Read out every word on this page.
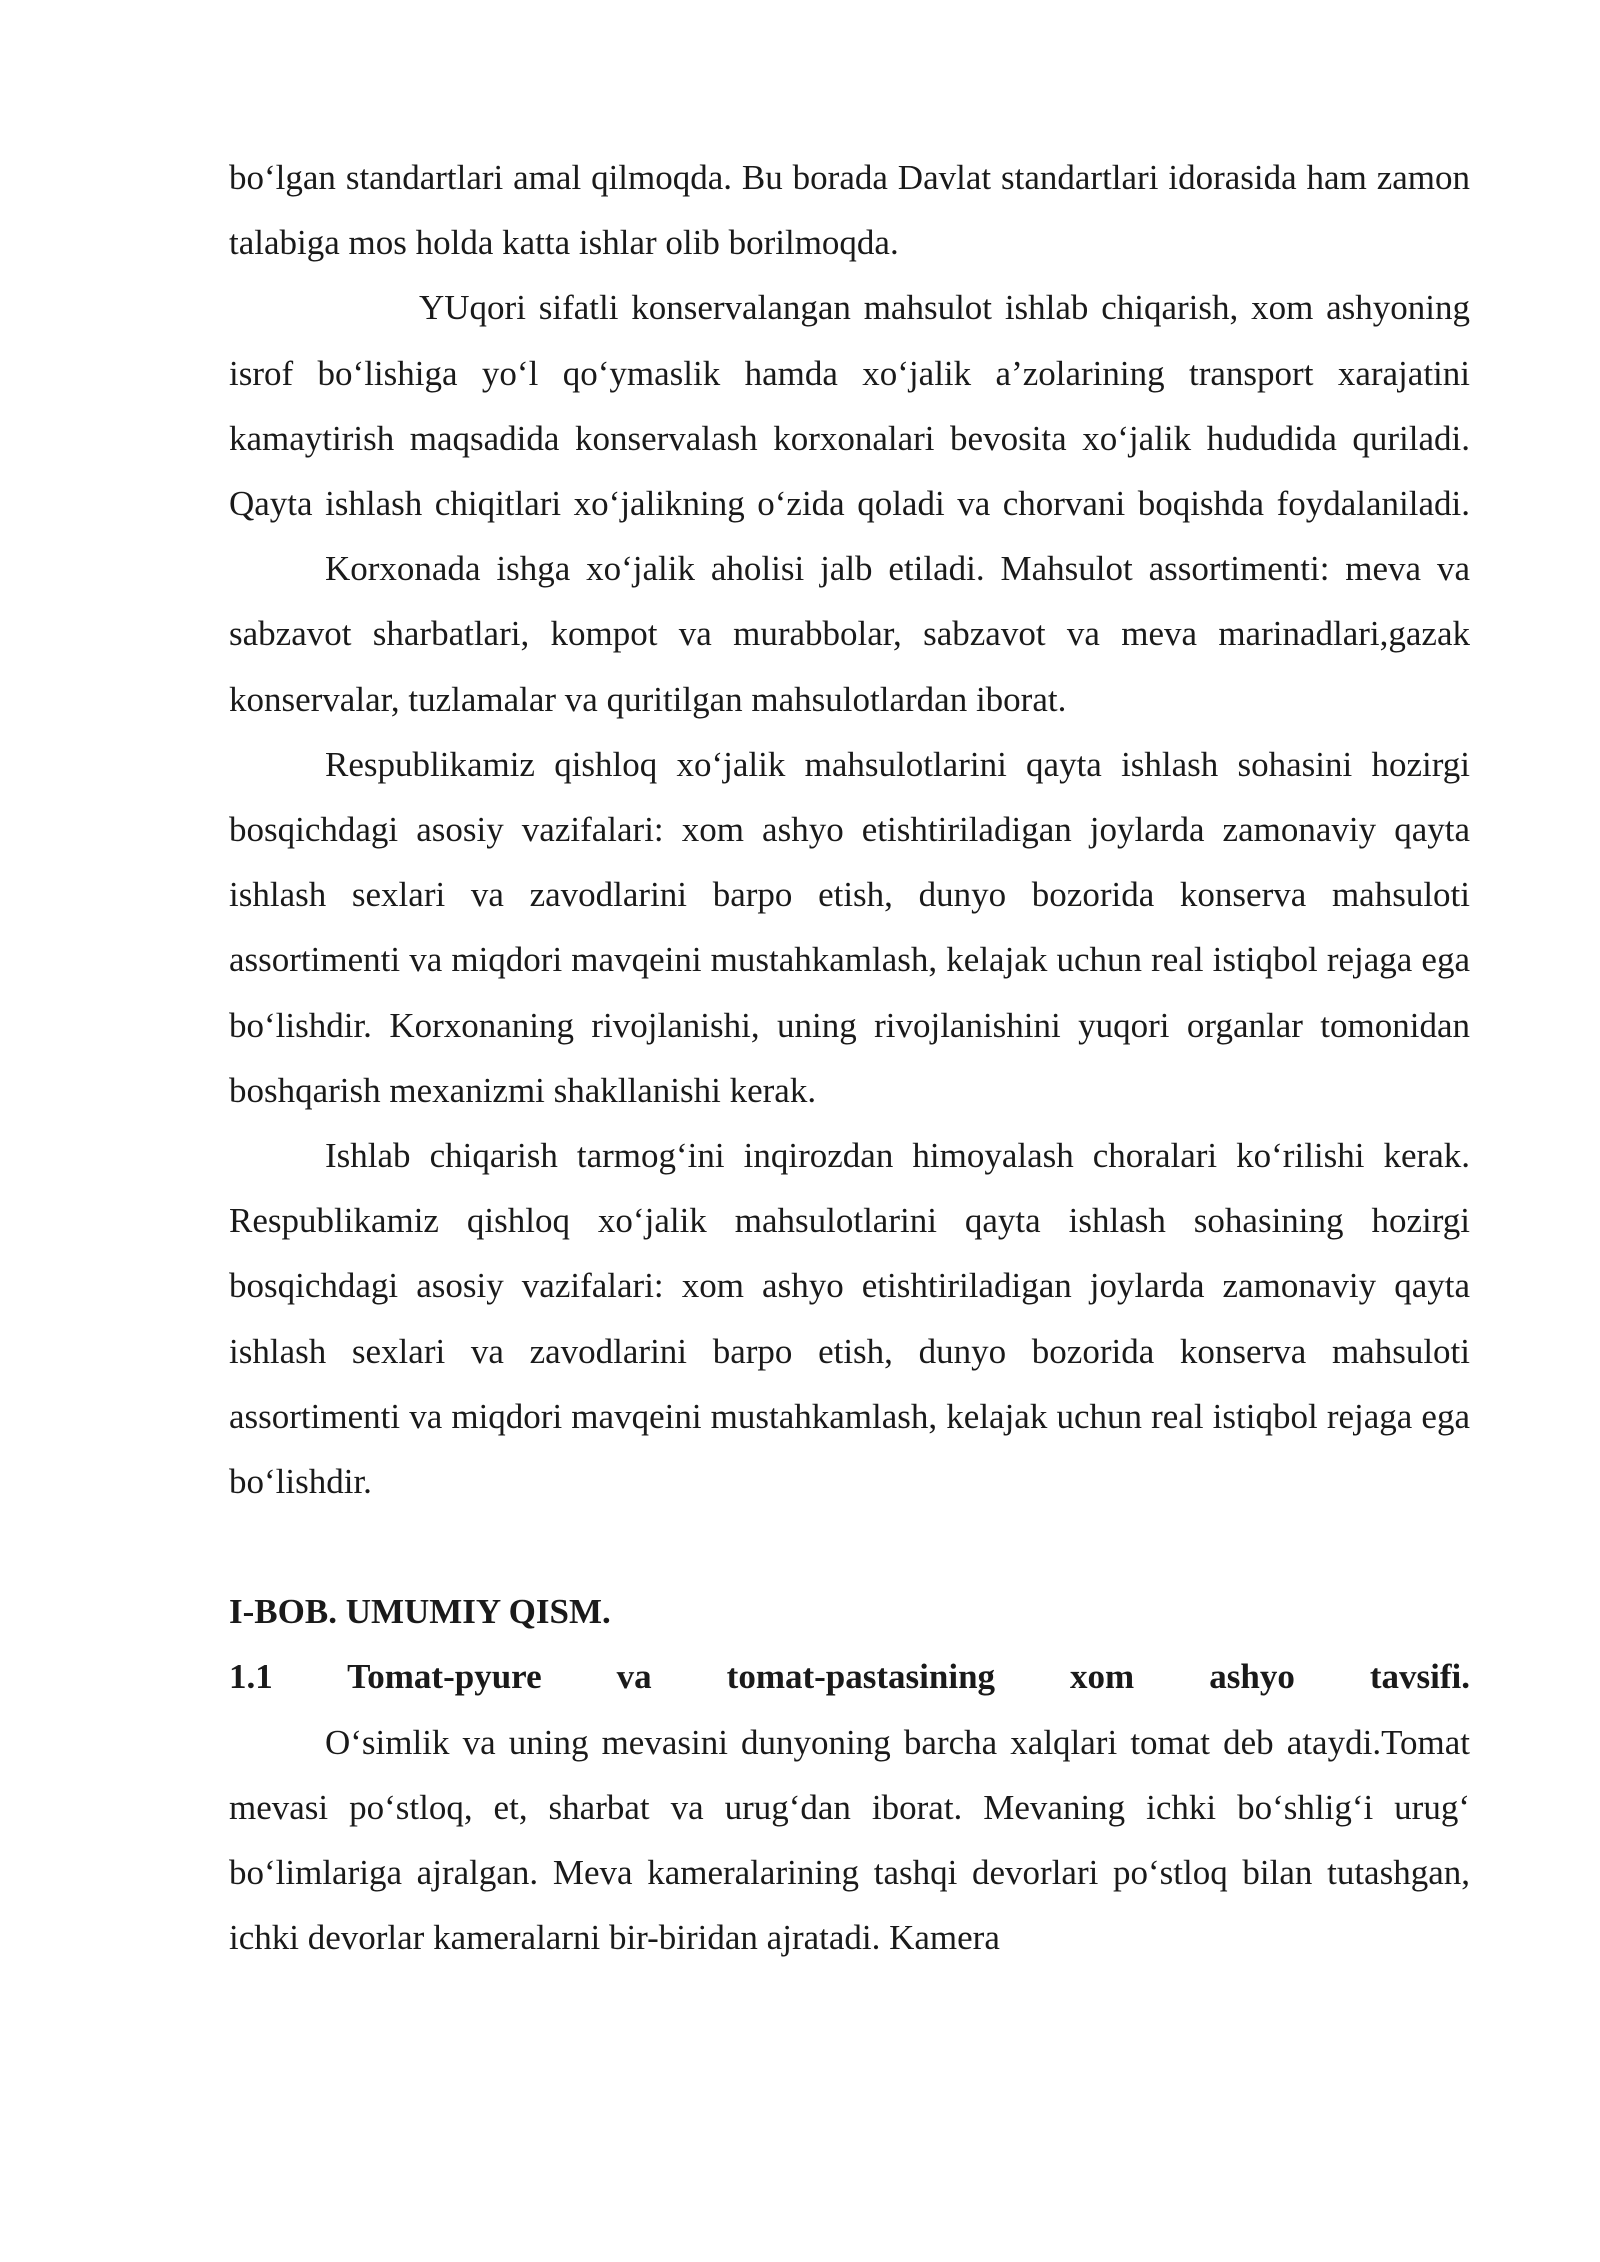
boʻlgan standartlari amal qilmoqda. Bu borada Davlat standartlari idorasida ham zamon talabiga mos holda katta ishlar olib borilmoqda.

YUqori sifatli konservalangan mahsulot ishlab chiqarish, xom ashyoning isrof boʻlishiga yoʻl qoʻymaslik hamda xoʻjalik a’zolarining transport xarajatini kamaytirish maqsadida konservalash korxonalari bevosita xoʻjalik hududida quriladi. Qayta ishlash chiqitlari xoʻjalikning oʻzida qoladi va chorvani boqishda foydalaniladi.

Korxonada ishga xoʻjalik aholisi jalb etiladi. Mahsulot assortimenti: meva va sabzavot sharbatlari, kompot va murabbolar, sabzavot va meva marinadlari,gazak konservalar, tuzlamalar va quritilgan mahsulotlardan iborat.

Respublikamiz qishloq xoʻjalik mahsulotlarini qayta ishlash sohasini hozirgi bosqichdagi asosiy vazifalari: xom ashyo etishtiriladigan joylarda zamonaviy qayta ishlash sexlari va zavodlarini barpo etish, dunyo bozorida konserva mahsuloti assortimenti va miqdori mavqeini mustahkamlash, kelajak uchun real istiqbol rejaga ega boʻlishdir. Korxonaning rivojlanishi, uning rivojlanishini yuqori organlar tomonidan boshqarish mexanizmi shakllanishi kerak.

Ishlab chiqarish tarmogʻini inqirozdan himoyalash choralari koʻrilishi kerak. Respublikamiz qishloq xoʻjalik mahsulotlarini qayta ishlash sohasining hozirgi bosqichdagi asosiy vazifalari: xom ashyo etishtiriladigan joylarda zamonaviy qayta ishlash sexlari va zavodlarini barpo etish, dunyo bozorida konserva mahsuloti assortimenti va miqdori mavqeini mustahkamlash, kelajak uchun real istiqbol rejaga ega boʻlishdir.

I-BOB. UMUMIY QISM.

1.1 Tomat-pyure va tomat-pastasining xom ashyo tavsifi.

Oʻsimlik va uning mevasini dunyoning barcha xalqlari tomat deb ataydi.Tomat mevasi poʻstloq, et, sharbat va urugʻdan iborat. Mevaning ichki boʻshligʻi urugʻ boʻlimlariga ajralgan. Meva kameralarining tashqi devorlari poʻstloq bilan tutashgan, ichki devorlar kameralarni bir-biridan ajratadi. Kamera
